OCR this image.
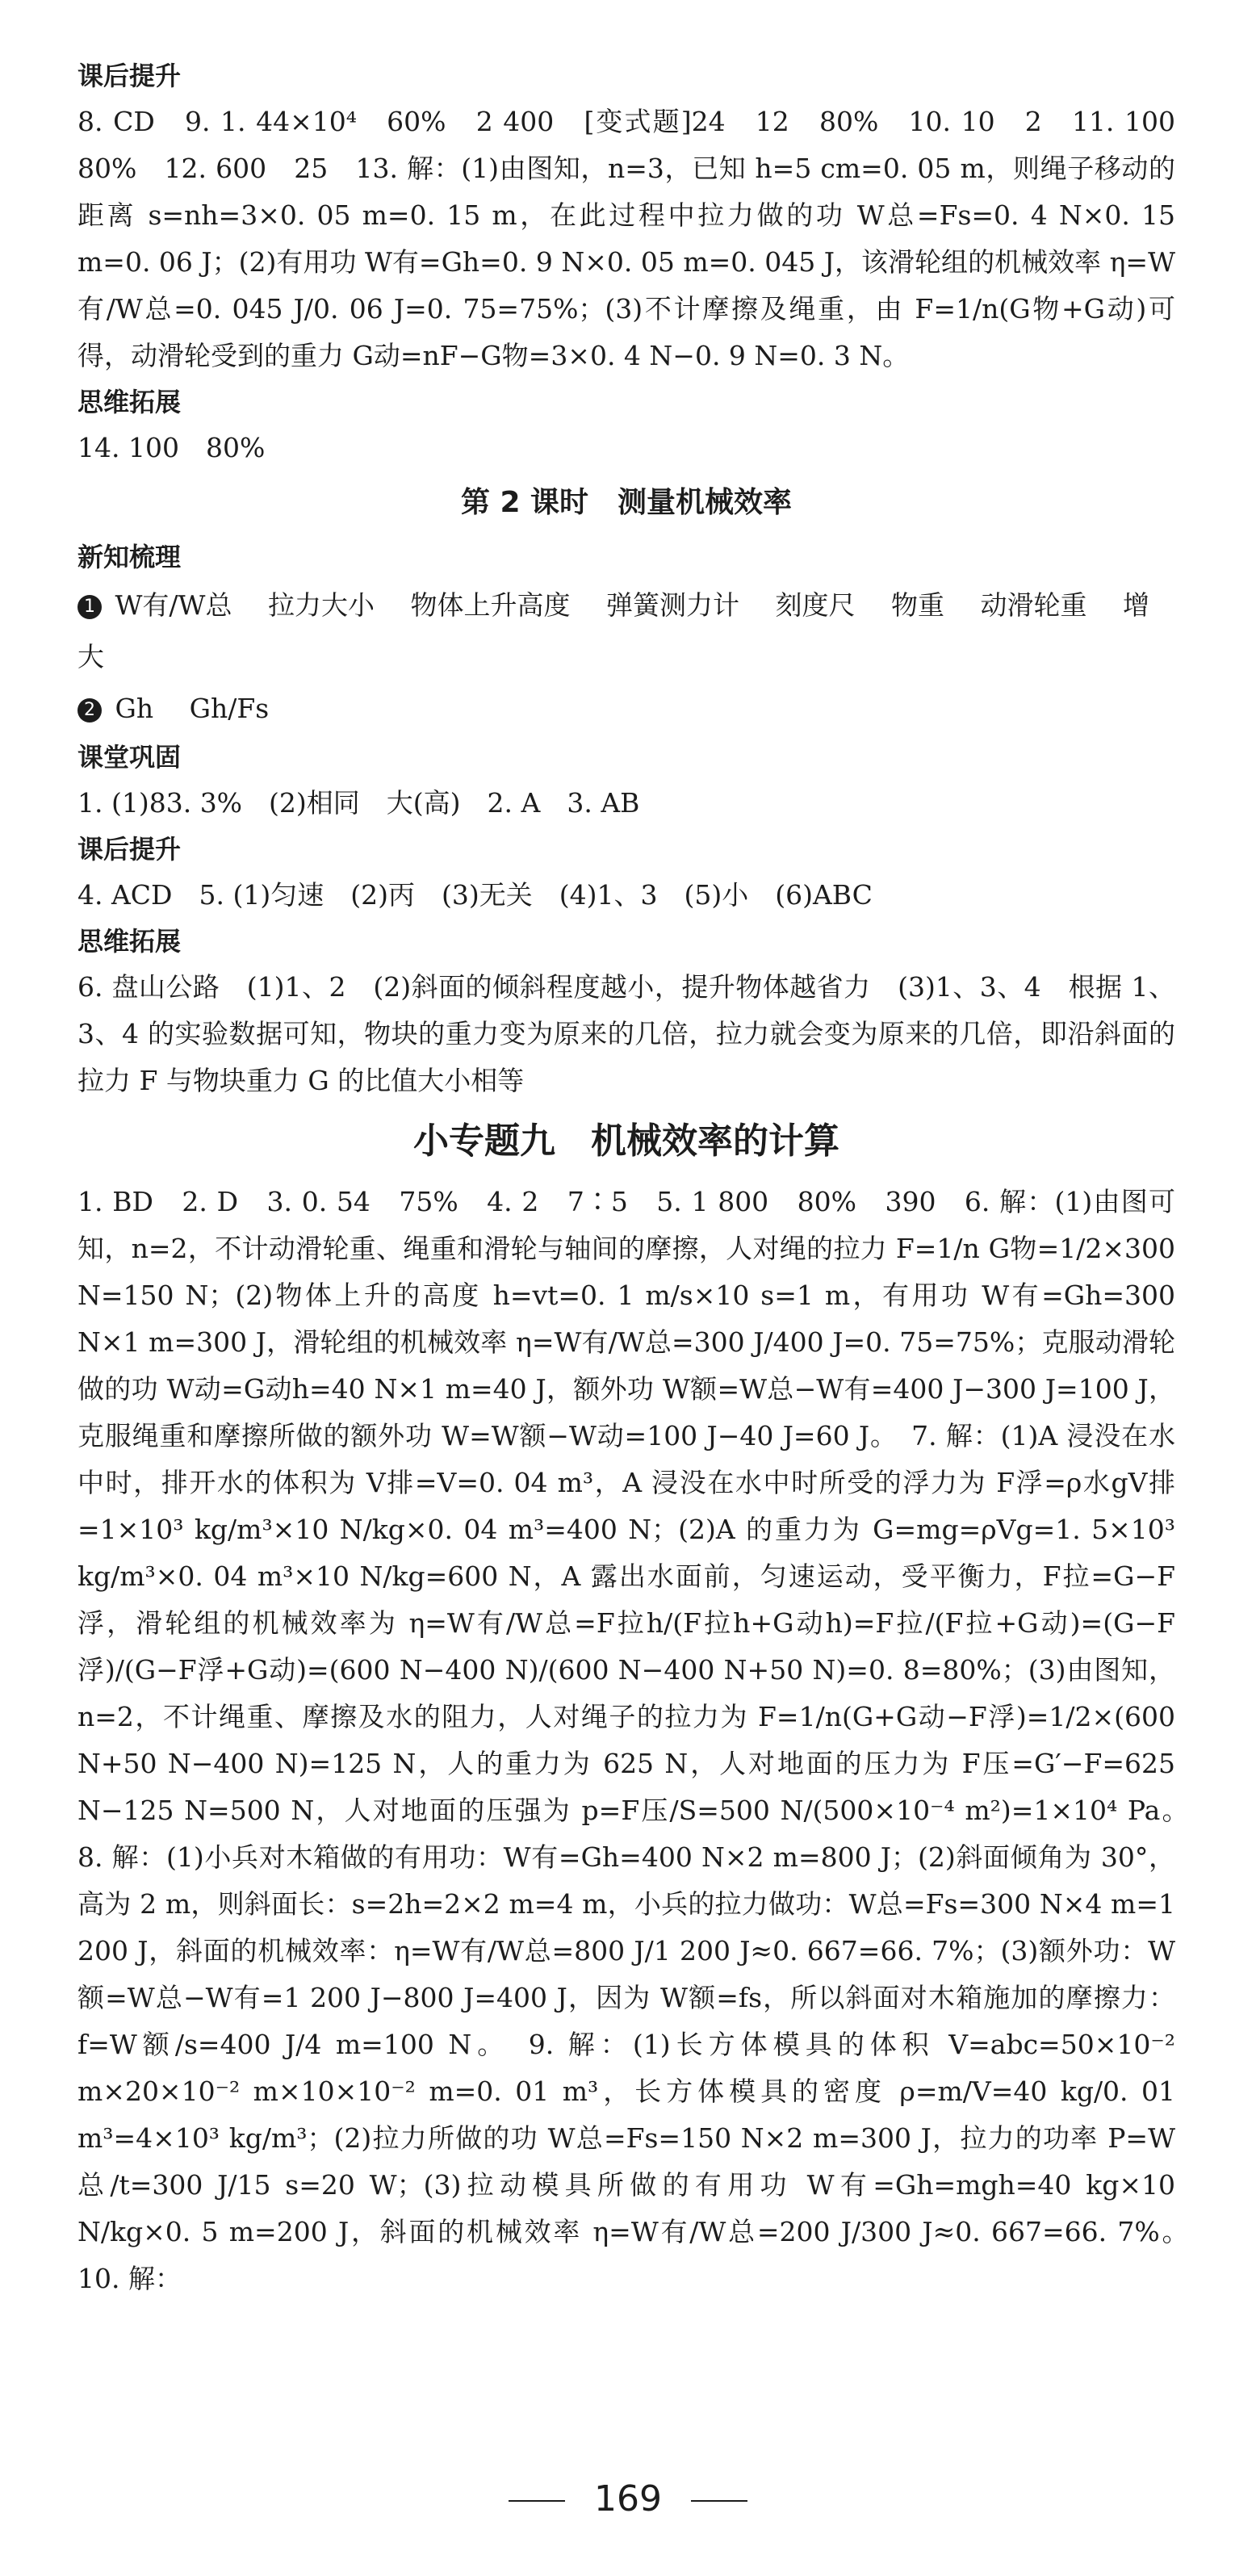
课后提升

8. CD　9. 1. 44×10⁴　60%　2 400　[变式题]24　12　80%　10. 10　2　11. 100　80%　12. 600　25　13. 解：(1)由图知，n=3，已知 h=5 cm=0. 05 m，则绳子移动的距离 s=nh=3×0. 05 m=0. 15 m，在此过程中拉力做的功 W总=Fs=0. 4 N×0. 15 m=0. 06 J；(2)有用功 W有=Gh=0. 9 N×0. 05 m=0. 045 J，该滑轮组的机械效率 η=W有/W总=0. 045 J/0. 06 J=0. 75=75%；(3)不计摩擦及绳重，由 F=1/n(G物+G动)可得，动滑轮受到的重力 G动=nF−G物=3×0. 4 N−0. 9 N=0. 3 N。

思维拓展

14. 100　80%

第 2 课时　测量机械效率

新知梳理

1 W有/W总 拉力大小 物体上升高度 弹簧测力计 刻度尺 物重 动滑轮重 增大

2 Gh Gh/Fs

课堂巩固

1. (1)83. 3%　(2)相同　大(高)　2. A　3. AB

课后提升

4. ACD　5. (1)匀速　(2)丙　(3)无关　(4)1、3　(5)小　(6)ABC

思维拓展

6. 盘山公路　(1)1、2　(2)斜面的倾斜程度越小，提升物体越省力　(3)1、3、4　根据 1、3、4 的实验数据可知，物块的重力变为原来的几倍，拉力就会变为原来的几倍，即沿斜面的拉力 F 与物块重力 G 的比值大小相等

小专题九　机械效率的计算

1. BD　2. D　3. 0. 54　75%　4. 2　7∶5　5. 1 800　80%　390　6. 解：(1)由图可知，n=2，不计动滑轮重、绳重和滑轮与轴间的摩擦，人对绳的拉力 F=1/n G物=1/2×300 N=150 N；(2)物体上升的高度 h=vt=0. 1 m/s×10 s=1 m，有用功 W有=Gh=300 N×1 m=300 J，滑轮组的机械效率 η=W有/W总=300 J/400 J=0. 75=75%；克服动滑轮做的功 W动=G动h=40 N×1 m=40 J，额外功 W额=W总−W有=400 J−300 J=100 J，克服绳重和摩擦所做的额外功 W=W额−W动=100 J−40 J=60 J。　7. 解：(1)A 浸没在水中时，排开水的体积为 V排=V=0. 04 m³，A 浸没在水中时所受的浮力为 F浮=ρ水gV排=1×10³ kg/m³×10 N/kg×0. 04 m³=400 N；(2)A 的重力为 G=mg=ρVg=1. 5×10³ kg/m³×0. 04 m³×10 N/kg=600 N，A 露出水面前，匀速运动，受平衡力，F拉=G−F浮，滑轮组的机械效率为 η=W有/W总=F拉h/(F拉h+G动h)=F拉/(F拉+G动)=(G−F浮)/(G−F浮+G动)=(600 N−400 N)/(600 N−400 N+50 N)=0. 8=80%；(3)由图知，n=2，不计绳重、摩擦及水的阻力，人对绳子的拉力为 F=1/n(G+G动−F浮)=1/2×(600 N+50 N−400 N)=125 N，人的重力为 625 N，人对地面的压力为 F压=G′−F=625 N−125 N=500 N，人对地面的压强为 p=F压/S=500 N/(500×10⁻⁴ m²)=1×10⁴ Pa。　8. 解：(1)小兵对木箱做的有用功：W有=Gh=400 N×2 m=800 J；(2)斜面倾角为 30°，高为 2 m，则斜面长：s=2h=2×2 m=4 m，小兵的拉力做功：W总=Fs=300 N×4 m=1 200 J，斜面的机械效率：η=W有/W总=800 J/1 200 J≈0. 667=66. 7%；(3)额外功：W额=W总−W有=1 200 J−800 J=400 J，因为 W额=fs，所以斜面对木箱施加的摩擦力：f=W额/s=400 J/4 m=100 N。　9. 解：(1)长方体模具的体积 V=abc=50×10⁻² m×20×10⁻² m×10×10⁻² m=0. 01 m³，长方体模具的密度 ρ=m/V=40 kg/0. 01 m³=4×10³ kg/m³；(2)拉力所做的功 W总=Fs=150 N×2 m=300 J，拉力的功率 P=W总/t=300 J/15 s=20 W；(3)拉动模具所做的有用功 W有=Gh=mgh=40 kg×10 N/kg×0. 5 m=200 J，斜面的机械效率 η=W有/W总=200 J/300 J≈0. 667=66. 7%。　10. 解：

169
